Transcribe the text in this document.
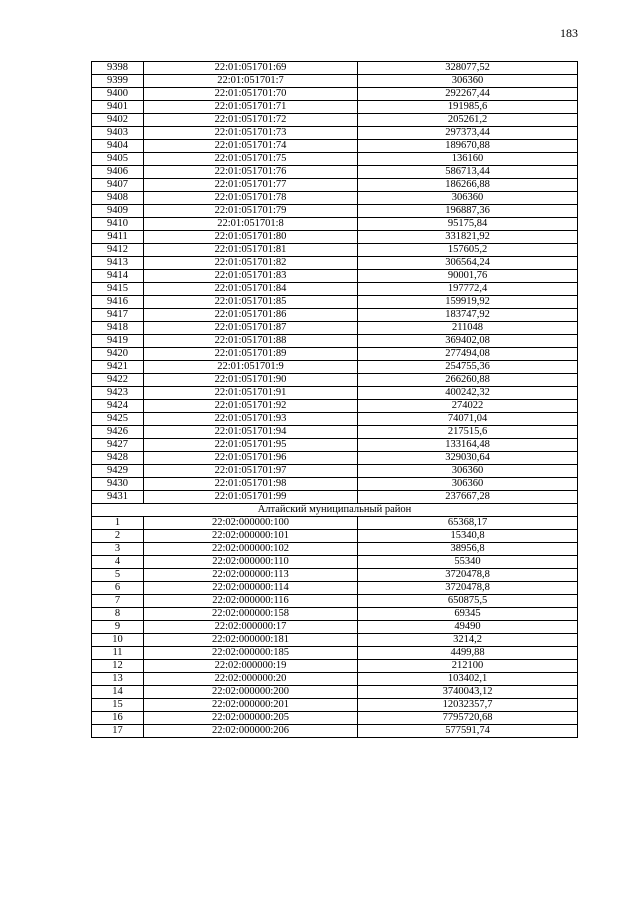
183
9398	22:01:051701:69	328077,52
9399	22:01:051701:7	306360
9400	22:01:051701:70	292267,44
9401	22:01:051701:71	191985,6
9402	22:01:051701:72	205261,2
9403	22:01:051701:73	297373,44
9404	22:01:051701:74	189670,88
9405	22:01:051701:75	136160
9406	22:01:051701:76	586713,44
9407	22:01:051701:77	186266,88
9408	22:01:051701:78	306360
9409	22:01:051701:79	196887,36
9410	22:01:051701:8	95175,84
9411	22:01:051701:80	331821,92
9412	22:01:051701:81	157605,2
9413	22:01:051701:82	306564,24
9414	22:01:051701:83	90001,76
9415	22:01:051701:84	197772,4
9416	22:01:051701:85	159919,92
9417	22:01:051701:86	183747,92
9418	22:01:051701:87	211048
9419	22:01:051701:88	369402,08
9420	22:01:051701:89	277494,08
9421	22:01:051701:9	254755,36
9422	22:01:051701:90	266260,88
9423	22:01:051701:91	400242,32
9424	22:01:051701:92	274022
9425	22:01:051701:93	74071,04
9426	22:01:051701:94	217515,6
9427	22:01:051701:95	133164,48
9428	22:01:051701:96	329030,64
9429	22:01:051701:97	306360
9430	22:01:051701:98	306360
9431	22:01:051701:99	237667,28
Алтайский муниципальный район		
1	22:02:000000:100	65368,17
2	22:02:000000:101	15340,8
3	22:02:000000:102	38956,8
4	22:02:000000:110	55340
5	22:02:000000:113	3720478,8
6	22:02:000000:114	3720478,8
7	22:02:000000:116	650875,5
8	22:02:000000:158	69345
9	22:02:000000:17	49490
10	22:02:000000:181	3214,2
11	22:02:000000:185	4499,88
12	22:02:000000:19	212100
13	22:02:000000:20	103402,1
14	22:02:000000:200	3740043,12
15	22:02:000000:201	12032357,7
16	22:02:000000:205	7795720,68
17	22:02:000000:206	577591,74
